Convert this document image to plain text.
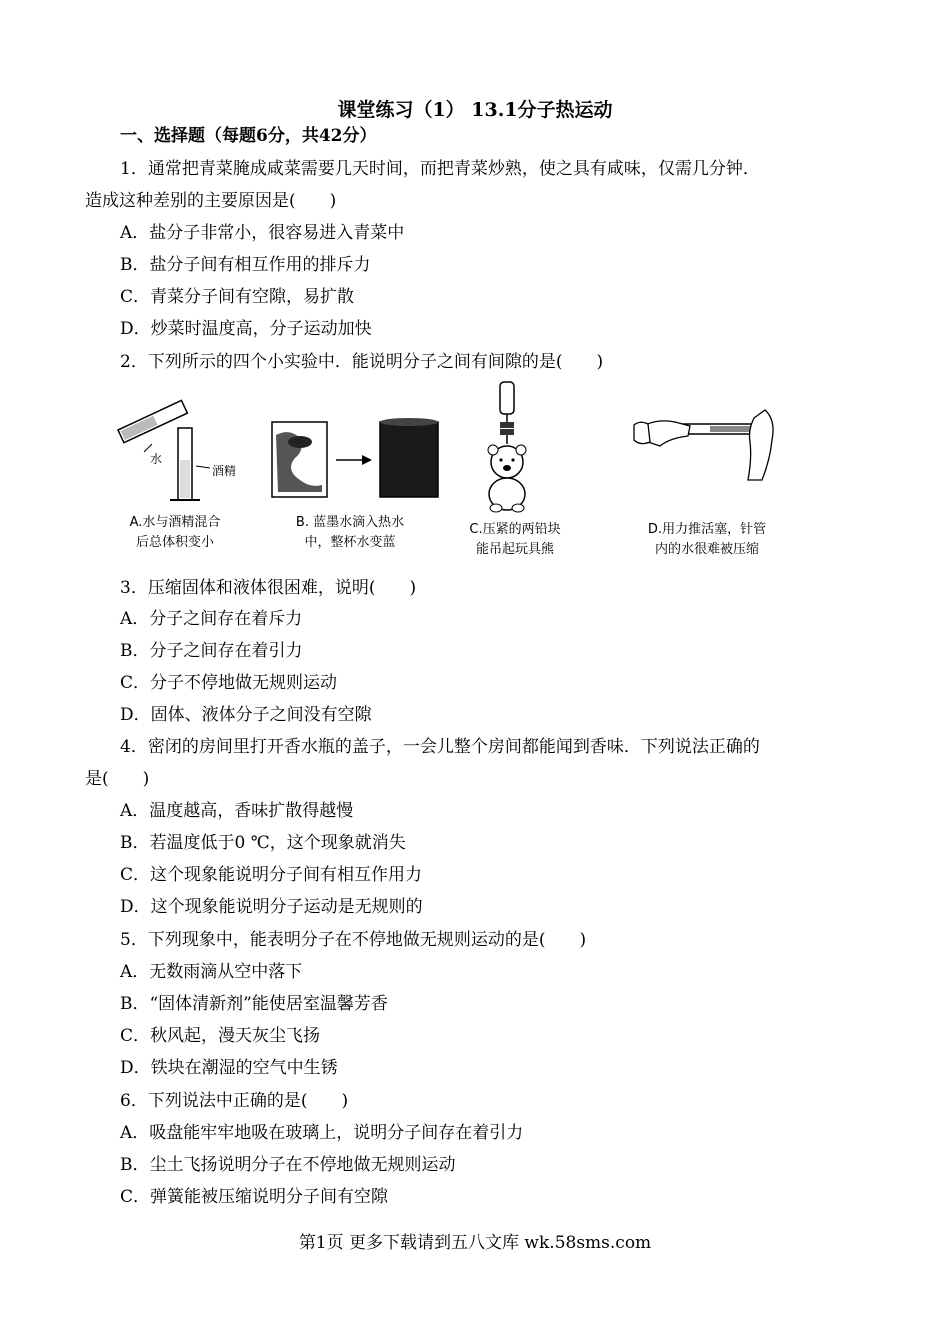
课堂练习（1） 13.1分子热运动
一、选择题（每题6分，共42分）
1．通常把青菜腌成咸菜需要几天时间，而把青菜炒熟，使之具有咸味，仅需几分钟．
造成这种差别的主要原因是(　　)
A．盐分子非常小，很容易进入青菜中
B．盐分子间有相互作用的排斥力
C．青菜分子间有空隙，易扩散
D．炒菜时温度高，分子运动加快
2．下列所示的四个小实验中．能说明分子之间有间隙的是(　　)
水
酒精
A.水与酒精混合
后总体积变小
B. 蓝墨水滴入热水
中，整杯水变蓝
C.压紧的两铅块
能吊起玩具熊
D.用力推活塞，针管
内的水很难被压缩
3．压缩固体和液体很困难，说明(　　)
A．分子之间存在着斥力
B．分子之间存在着引力
C．分子不停地做无规则运动
D．固体、液体分子之间没有空隙
4．密闭的房间里打开香水瓶的盖子，一会儿整个房间都能闻到香味．下列说法正确的
是(　　)
A．温度越高，香味扩散得越慢
B．若温度低于0 ℃，这个现象就消失
C．这个现象能说明分子间有相互作用力
D．这个现象能说明分子运动是无规则的
5．下列现象中，能表明分子在不停地做无规则运动的是(　　)
A．无数雨滴从空中落下
B．“固体清新剂”能使居室温馨芳香
C．秋风起，漫天灰尘飞扬
D．铁块在潮湿的空气中生锈
6．下列说法中正确的是(　　)
A．吸盘能牢牢地吸在玻璃上，说明分子间存在着引力
B．尘土飞扬说明分子在不停地做无规则运动
C．弹簧能被压缩说明分子间有空隙
第1页 更多下载请到五八文库 wk.58sms.com
